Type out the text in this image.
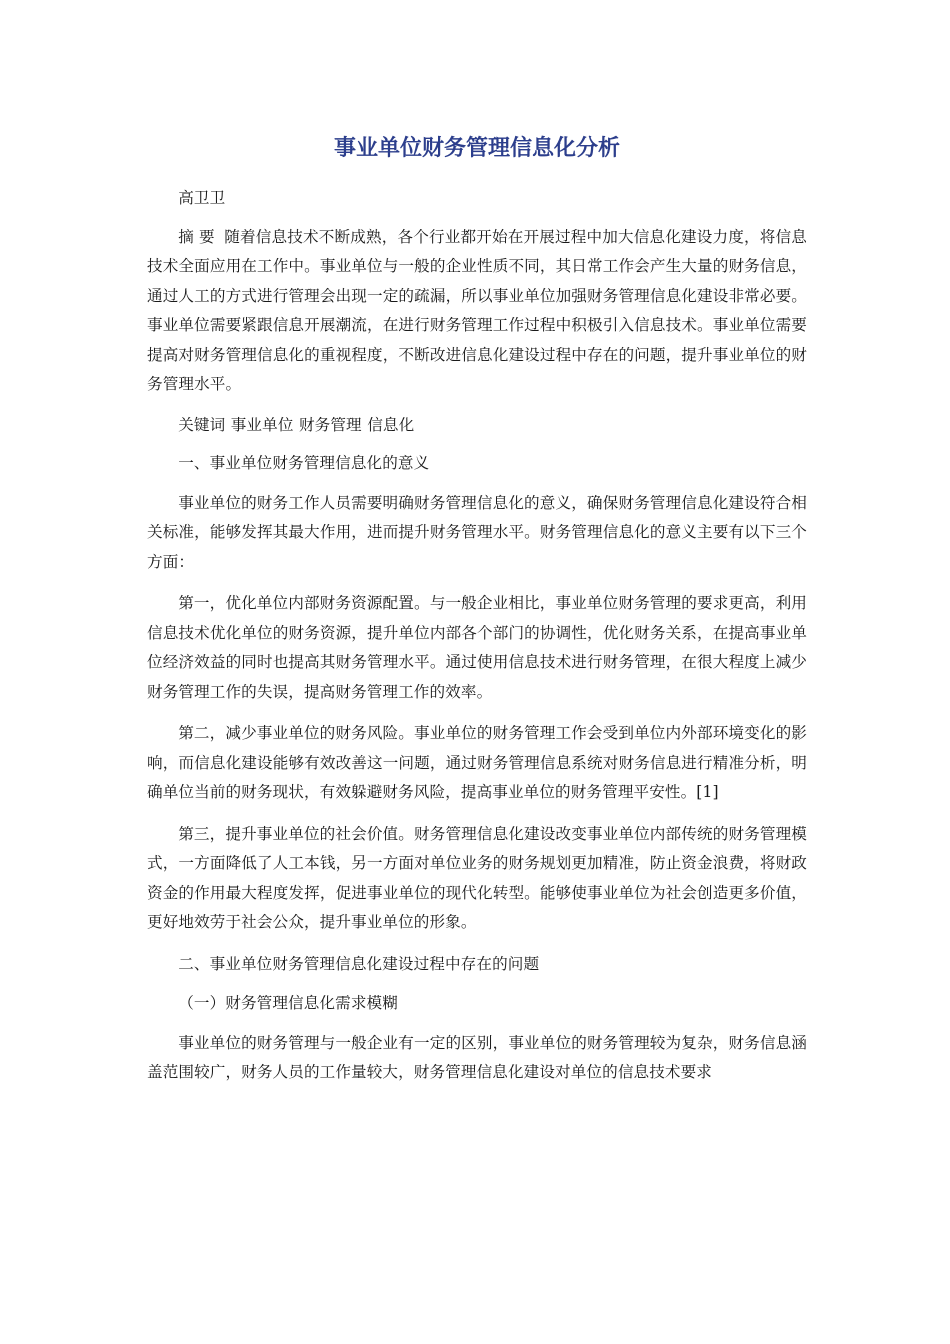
事业单位财务管理信息化分析

高卫卫

摘 要 随着信息技术不断成熟，各个行业都开始在开展过程中加大信息化建设力度，将信息技术全面应用在工作中。事业单位与一般的企业性质不同，其日常工作会产生大量的财务信息，通过人工的方式进行管理会出现一定的疏漏，所以事业单位加强财务管理信息化建设非常必要。事业单位需要紧跟信息开展潮流，在进行财务管理工作过程中积极引入信息技术。事业单位需要提高对财务管理信息化的重视程度，不断改进信息化建设过程中存在的问题，提升事业单位的财务管理水平。

关键词 事业单位 财务管理 信息化

一、事业单位财务管理信息化的意义

事业单位的财务工作人员需要明确财务管理信息化的意义，确保财务管理信息化建设符合相关标准，能够发挥其最大作用，进而提升财务管理水平。财务管理信息化的意义主要有以下三个方面：

第一，优化单位内部财务资源配置。与一般企业相比，事业单位财务管理的要求更高，利用信息技术优化单位的财务资源，提升单位内部各个部门的协调性，优化财务关系，在提高事业单位经济效益的同时也提高其财务管理水平。通过使用信息技术进行财务管理，在很大程度上减少财务管理工作的失误，提高财务管理工作的效率。

第二，减少事业单位的财务风险。事业单位的财务管理工作会受到单位内外部环境变化的影响，而信息化建设能够有效改善这一问题，通过财务管理信息系统对财务信息进行精准分析，明确单位当前的财务现状，有效躲避财务风险，提高事业单位的财务管理平安性。[1]

第三，提升事业单位的社会价值。财务管理信息化建设改变事业单位内部传统的财务管理模式，一方面降低了人工本钱，另一方面对单位业务的财务规划更加精准，防止资金浪费，将财政资金的作用最大程度发挥，促进事业单位的现代化转型。能够使事业单位为社会创造更多价值，更好地效劳于社会公众，提升事业单位的形象。

二、事业单位财务管理信息化建设过程中存在的问题

（一）财务管理信息化需求模糊

事业单位的财务管理与一般企业有一定的区别，事业单位的财务管理较为复杂，财务信息涵盖范围较广，财务人员的工作量较大，财务管理信息化建设对单位的信息技术要求
